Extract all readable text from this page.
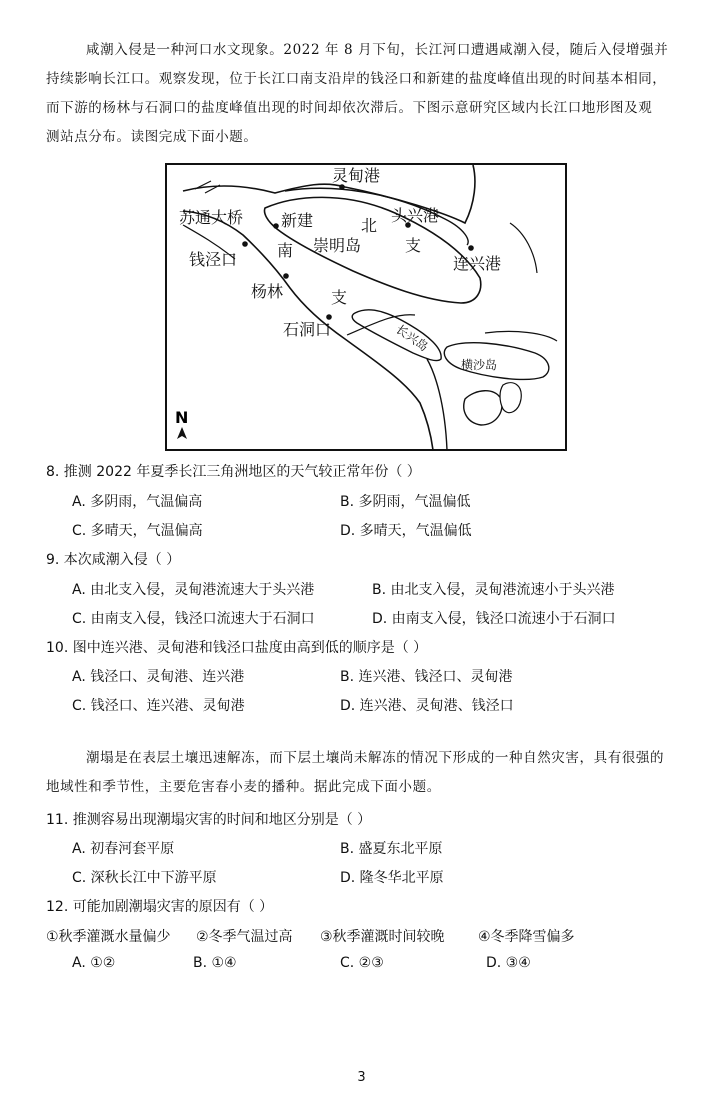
咸潮入侵是一种河口水文现象。2022 年 8 月下旬，长江河口遭遇咸潮入侵，随后入侵增强并
持续影响长江口。观察发现，位于长江口南支沿岸的钱泾口和新建的盐度峰值出现的时间基本相同，
而下游的杨林与石洞口的盐度峰值出现的时间却依次滞后。下图示意研究区域内长江口地形图及观
测站点分布。读图完成下面小题。
灵甸港
苏通大桥 新建	北
头兴港
钱泾口 南 崇明岛	支
连兴港
杨林	支
石洞口	长兴岛
横沙岛
N
8. 推测 2022 年夏季长江三角洲地区的天气较正常年份（ ）
A. 多阴雨，气温偏高	B. 多阴雨，气温偏低
C. 多晴天，气温偏高	D. 多晴天，气温偏低
9. 本次咸潮入侵（ ）
A. 由北支入侵，灵甸港流速大于头兴港	B. 由北支入侵，灵甸港流速小于头兴港
C. 由南支入侵，钱泾口流速大于石洞口	D. 由南支入侵，钱泾口流速小于石洞口
10. 图中连兴港、灵甸港和钱泾口盐度由高到低的顺序是（ ）
A. 钱泾口、灵甸港、连兴港	B. 连兴港、钱泾口、灵甸港
C. 钱泾口、连兴港、灵甸港	D. 连兴港、灵甸港、钱泾口
潮塌是在表层土壤迅速解冻，而下层土壤尚未解冻的情况下形成的一种自然灾害，具有很强的
地域性和季节性，主要危害春小麦的播种。据此完成下面小题。
11. 推测容易出现潮塌灾害的时间和地区分别是（ ）
A. 初春河套平原	B. 盛夏东北平原
C. 深秋长江中下游平原	D. 隆冬华北平原
12. 可能加剧潮塌灾害的原因有（ ）
①秋季灌溉水量偏少 ②冬季气温过高 ③秋季灌溉时间较晚 ④冬季降雪偏多
A. ①②	B. ①④	C. ②③	D. ③④
3
